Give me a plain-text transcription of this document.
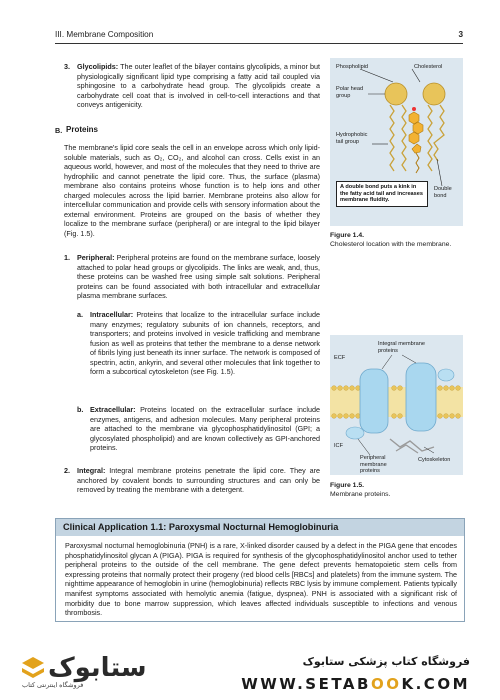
III. Membrane Composition	3
3. Glycolipids: The outer leaflet of the bilayer contains glycolipids, a minor but physiologically significant lipid type comprising a fatty acid tail coupled via sphingosine to a carbohydrate head group. The glycolipids create a carbohydrate cell coat that is involved in cell-to-cell interactions and that conveys antigenicity.
B. Proteins
The membrane's lipid core seals the cell in an envelope across which only lipid-soluble materials, such as O₂, CO₂, and alcohol can cross. Cells exist in an aqueous world, however, and most of the molecules that they need to thrive are hydrophilic and cannot penetrate the lipid core. Thus, the surface (plasma) membrane also contains proteins whose function is to help ions and other charged molecules across the lipid barrier. Membrane proteins also allow for intercellular communication and provide cells with sensory information about the external environment. Proteins are grouped on the basis of whether they localize to the membrane surface (peripheral) or are integral to the lipid bilayer (Fig. 1.5).
1. Peripheral: Peripheral proteins are found on the membrane surface, loosely attached to polar head groups or glycolipids. The links are weak, and, thus, these proteins can be washed free using simple salt solutions. Peripheral proteins can be found associated with both intracellular and extracellular plasma membrane surfaces.
a. Intracellular: Proteins that localize to the intracellular surface include many enzymes; regulatory subunits of ion channels, receptors, and transporters; and proteins involved in vesicle trafficking and membrane fusion as well as proteins that tether the membrane to a dense network of fibrils lying just beneath its inner surface. The network is composed of spectrin, actin, ankyrin, and several other molecules that link together to form a subcortical cytoskeleton (see Fig. 1.5).
b. Extracellular: Proteins located on the extracellular surface include enzymes, antigens, and adhesion molecules. Many peripheral proteins are attached to the membrane via glycophosphatidylinositol (GPI; a glycosylated phospholipid) and are known collectively as GPI-anchored proteins.
2. Integral: Integral membrane proteins penetrate the lipid core. They are anchored by covalent bonds to surrounding structures and can only be removed by treating the membrane with a detergent.
Phospholipid	Cholesterol
Polar head group
Hydrophobic tail group
Double bond
A double bond puts a kink in the fatty acid tail and increases membrane fluidity.
Figure 1.4.
Cholesterol location with the membrane.
ECF
ICF
Integral membrane proteins
Peripheral membrane proteins
Cytoskeleton
Figure 1.5.
Membrane proteins.
Clinical Application 1.1: Paroxysmal Nocturnal Hemoglobinuria
Paroxysmal nocturnal hemoglobinuria (PNH) is a rare, X-linked disorder caused by a defect in the PIGA gene that encodes phosphatidylinositol glycan A (PIGA). PIGA is required for synthesis of the glycophosphatidylinositol anchor used to tether peripheral proteins to the outside of the cell membrane. The gene defect prevents hematopoietic stem cells from expressing proteins that normally protect their progeny (red blood cells [RBCs] and platelets) from the immune system. The nighttime appearance of hemoglobin in urine (hemoglobinuria) reflects RBC lysis by immune complement. Patients typically manifest symptoms associated with hemolytic anemia (fatigue, dyspnea). PNH is associated with a significant risk of morbidity due to bone marrow suppression, which leaves affected individuals susceptible to infections and venous thrombosis.
ستابوک
فروشگاه اینترنتی کتاب
فروشگاه کتاب پزشکی ستابوک
WWW.SETABOOK.COM
